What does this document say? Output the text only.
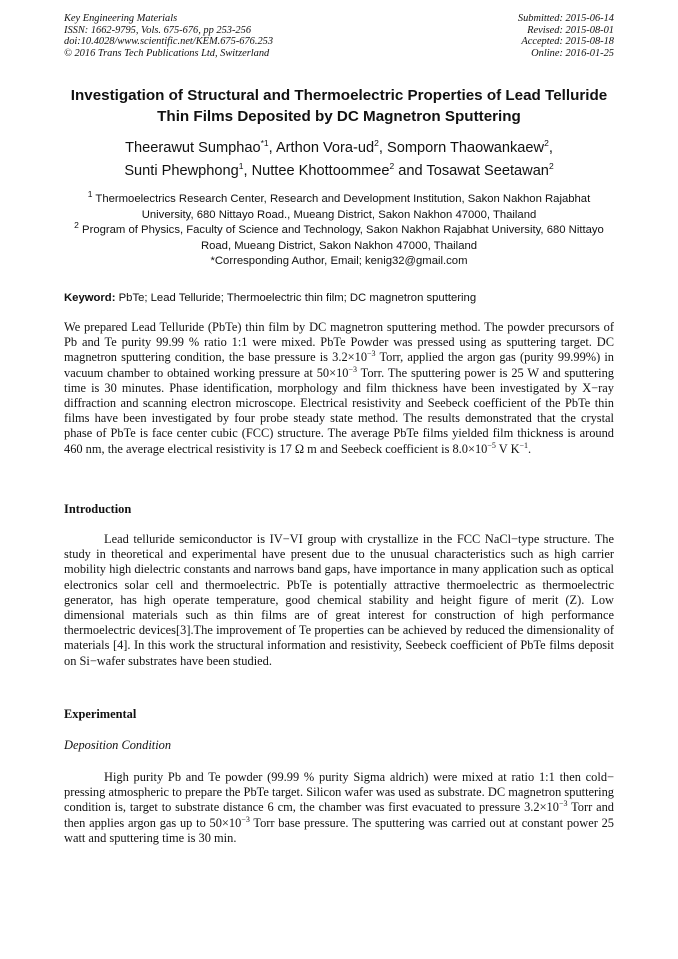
Key Engineering Materials
ISSN: 1662-9795, Vols. 675-676, pp 253-256
doi:10.4028/www.scientific.net/KEM.675-676.253
© 2016 Trans Tech Publications Ltd, Switzerland
Submitted: 2015-06-14
Revised: 2015-08-01
Accepted: 2015-08-18
Online: 2016-01-25
Investigation of Structural and Thermoelectric Properties of Lead Telluride Thin Films Deposited by DC Magnetron Sputtering
Theerawut Sumphao$^{*1}$, Arthon Vora-$ud^2$, Somporn Thaowankaew$^2$,
Sunti Phewphong$^1$, Nuttee Khottoommee$^2$ and Tosawat Seetawan$^2$
$^1$ Thermoelectrics Research Center, Research and Development Institution, Sakon Nakhon Rajabhat University, 680 Nittayo Road., Mueang District, Sakon Nakhon 47000, Thailand
$^2$ Program of Physics, Faculty of Science and Technology, Sakon Nakhon Rajabhat University, 680 Nittayo Road, Mueang District, Sakon Nakhon 47000, Thailand
*Corresponding Author, Email; kenig32@gmail.com
Keyword: PbTe; Lead Telluride; Thermoelectric thin film; DC magnetron sputtering
We prepared Lead Telluride (PbTe) thin film by DC magnetron sputtering method. The powder precursors of Pb and Te purity 99.99 % ratio 1:1 were mixed. PbTe Powder was pressed using as sputtering target. DC magnetron sputtering condition, the base pressure is $3.2\times 10^{-3}$ Torr, applied the argon gas (purity 99.99%) in vacuum chamber to obtained working pressure at $50\times 10^{-3}$ Torr. The sputtering power is 25 W and sputtering time is 30 minutes. Phase identification, morphology and film thickness have been investigated by X−ray diffraction and scanning electron microscope. Electrical resistivity and Seebeck coefficient of the PbTe thin films have been investigated by four probe steady state method. The results demonstrated that the crystal phase of PbTe is face center cubic (FCC) structure. The average PbTe films yielded film thickness is around 460 nm, the average electrical resistivity is 17 Ω m and Seebeck coefficient is $8.0\times 10^{-5}$ V $K^{-1}$.
Introduction

Lead telluride semiconductor is IV−VI group with crystallize in the FCC NaCl−type structure. The study in theoretical and experimental have present due to the unusual characteristics such as high carrier mobility high dielectric constants and narrows band gaps, have importance in many application such as optical electronics solar cell and thermoelectric. PbTe is potentially attractive thermoelectric as thermoelectric generator, has high operate temperature, good chemical stability and height figure of merit (Z). Low dimensional materials such as thin films are of great interest for construction of high performance thermoelectric devices[3].The improvement of Te properties can be achieved by reduced the dimensionality of materials [4]. In this work the structural information and resistivity, Seebeck coefficient of PbTe films deposit on Si−wafer substrates have been studied.

Experimental
Deposition Condition

High purity Pb and Te powder (99.99 % purity Sigma aldrich) were mixed at ratio 1:1 then cold− pressing atmospheric to prepare the PbTe target. Silicon wafer was used as substrate. DC magnetron sputtering condition is, target to substrate distance 6 cm, the chamber was first evacuated to pressure $3.2\times 10^{-3}$ Torr and then applies argon gas up to $50\times 10^{-3}$ Torr base pressure. The sputtering was carried out at constant power 25 watt and sputtering time is 30 min.
